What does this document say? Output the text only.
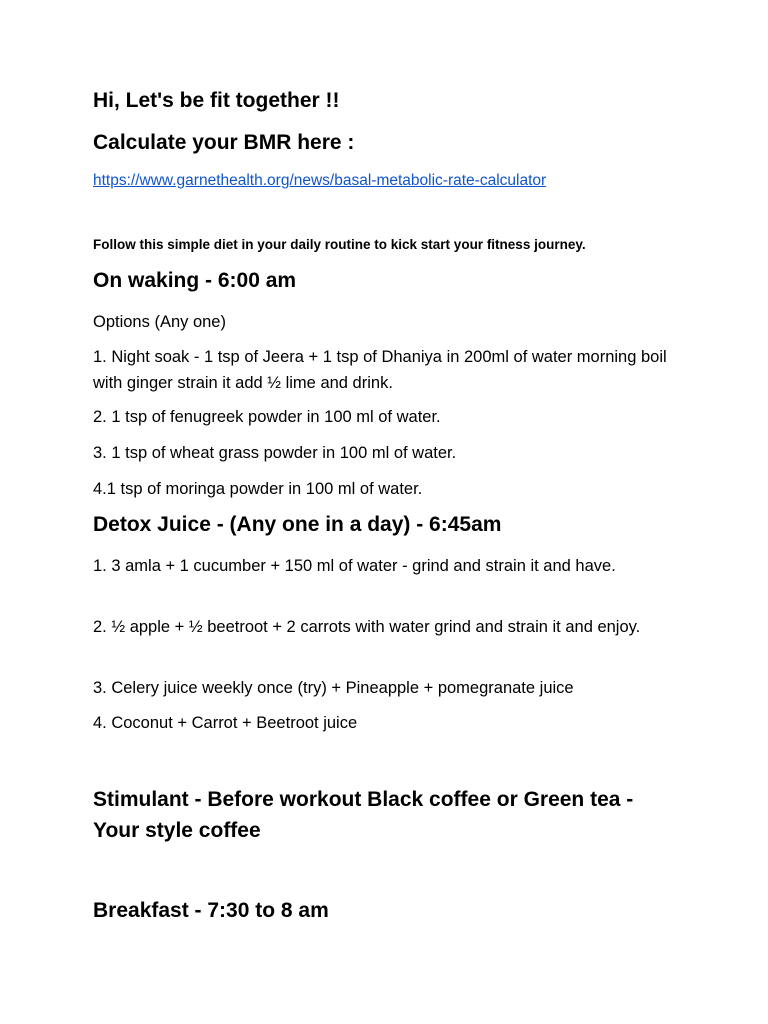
Hi, Let's be fit together !!
Calculate your BMR here :
https://www.garnethealth.org/news/basal-metabolic-rate-calculator

Follow this simple diet in your daily routine to kick start your fitness journey.

On waking - 6:00 am

Options (Any one)

1. Night soak - 1 tsp of Jeera + 1 tsp of Dhaniya in 200ml of water morning boil with ginger strain it add ½ lime and drink.

2. 1 tsp of fenugreek powder in 100 ml of water.

3. 1 tsp of wheat grass powder in 100 ml of water.

4.1 tsp of moringa powder in 100 ml of water.

Detox Juice - (Any one in a day) - 6:45am

1. 3 amla + 1 cucumber + 150 ml of water - grind and strain it and have.

2. ½ apple + ½ beetroot + 2 carrots with water grind and strain it and enjoy.

3. Celery juice weekly once (try) + Pineapple + pomegranate juice

4. Coconut + Carrot + Beetroot juice

Stimulant - Before workout Black coffee or Green tea - Your style coffee
Breakfast - 7:30 to 8 am
